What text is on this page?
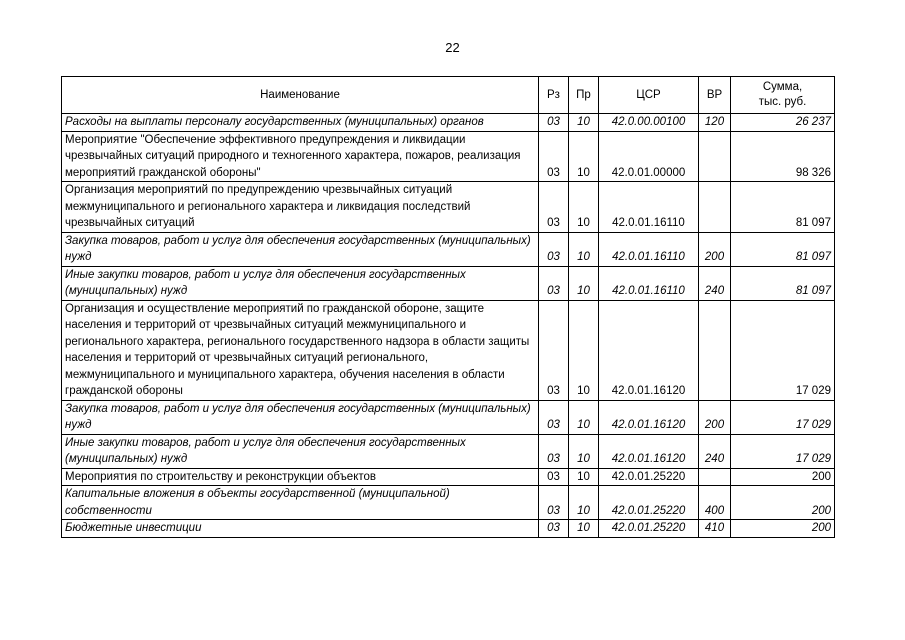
22
Наименование	Рз	Пр	ЦСР	ВР	Сумма,
тыс. руб.

Расходы на выплаты персоналу государственных (муниципальных) органов	03	10	42.0.00.00100	120	26 237
Мероприятие "Обеспечение эффективного предупреждения и ликвидации чрезвычайных ситуаций природного и техногенного характера, пожаров, реализация мероприятий гражданской обороны"	03	10	42.0.01.00000		98 326
Организация мероприятий по предупреждению чрезвычайных ситуаций межмуниципального и регионального характера и ликвидация последствий чрезвычайных ситуаций	03	10	42.0.01.16110		81 097
Закупка товаров, работ и услуг для обеспечения государственных (муниципальных) нужд	03	10	42.0.01.16110	200	81 097
Иные закупки товаров, работ и услуг для обеспечения государственных (муниципальных) нужд	03	10	42.0.01.16110	240	81 097
Организация и осуществление мероприятий по гражданской обороне, защите населения и территорий от чрезвычайных ситуаций межмуниципального и регионального характера, регионального государственного надзора в области защиты населения и территорий от чрезвычайных ситуаций регионального, межмуниципального и муниципального характера, обучения населения в области гражданской обороны	03	10	42.0.01.16120		17 029
Закупка товаров, работ и услуг для обеспечения государственных (муниципальных) нужд	03	10	42.0.01.16120	200	17 029
Иные закупки товаров, работ и услуг для обеспечения государственных (муниципальных) нужд	03	10	42.0.01.16120	240	17 029
Мероприятия по строительству и реконструкции объектов	03	10	42.0.01.25220		200
Капитальные вложения в объекты государственной (муниципальной) собственности	03	10	42.0.01.25220	400	200
Бюджетные инвестиции	03	10	42.0.01.25220	410	200
